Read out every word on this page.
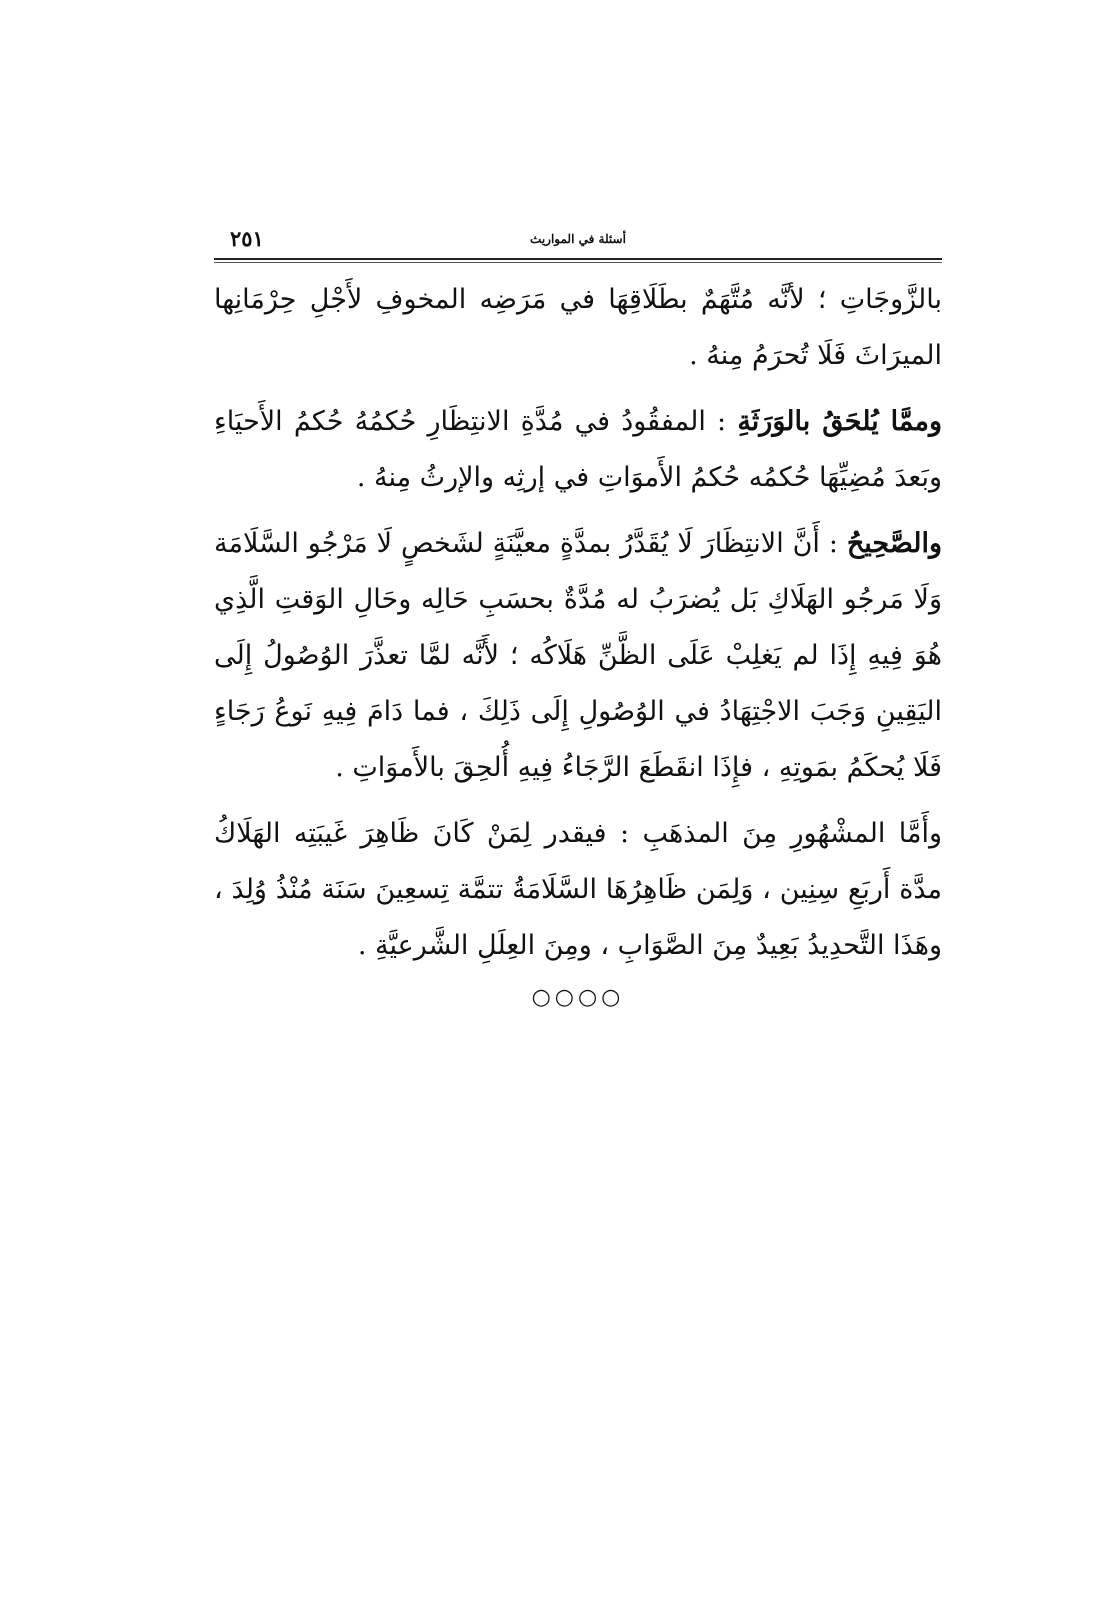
٢٥١	أسئلة في المواريث

بالزَّوجَاتِ ؛ لأنَّه مُتَّهَمٌ بطَلَاقِهَا في مَرَضِه المخوفِ لأَجْلِ حِرْمَانِها الميرَاثَ فَلَا تُحرَمُ مِنهُ .

وممَّا يُلحَقُ بالوَرَثَةِ : المفقُودُ في مُدَّةِ الانتِظَارِ حُكمُهُ حُكمُ الأَحيَاءِ وبَعدَ مُضِيِّهَا حُكمُه حُكمُ الأَموَاتِ في إرثِه والإرثُ مِنهُ .

والصَّحِيحُ : أَنَّ الانتِظَارَ لَا يُقَدَّرُ بمدَّةٍ معيَّنَةٍ لشَخصٍ لَا مَرْجُو السَّلَامَة وَلَا مَرجُو الهَلَاكِ بَل يُضرَبُ له مُدَّةٌ بحسَبِ حَالِه وحَالِ الوَقتِ الَّذِي هُوَ فِيهِ إِذَا لم يَغلِبْ عَلَى الظَّنِّ هَلَاكُه ؛ لأَنَّه لمَّا تعذَّرَ الوُصُولُ إِلَى اليَقِينِ وَجَبَ الاجْتِهَادُ في الوُصُولِ إِلَى ذَلِكَ ، فما دَامَ فِيهِ نَوعُ رَجَاءٍ فَلَا يُحكَمُ بمَوتِهِ ، فإِذَا انقَطَعَ الرَّجَاءُ فِيهِ أُلحِقَ بالأَموَاتِ .

وأَمَّا المشْهُورِ مِنَ المذهَبِ : فيقدر لِمَنْ كَانَ ظَاهِرَ غَيبَتِه الهَلَاكُ مدَّة أَربَعِ سِنِين ، وَلِمَن ظَاهِرُهَا السَّلَامَةُ تتمَّة تِسعِينَ سَنَة مُنْذُ وُلِدَ ، وهَذَا التَّحدِيدُ بَعِيدٌ مِنَ الصَّوَابِ ، ومِنَ العِلَلِ الشَّرعيَّةِ .

○○○○
